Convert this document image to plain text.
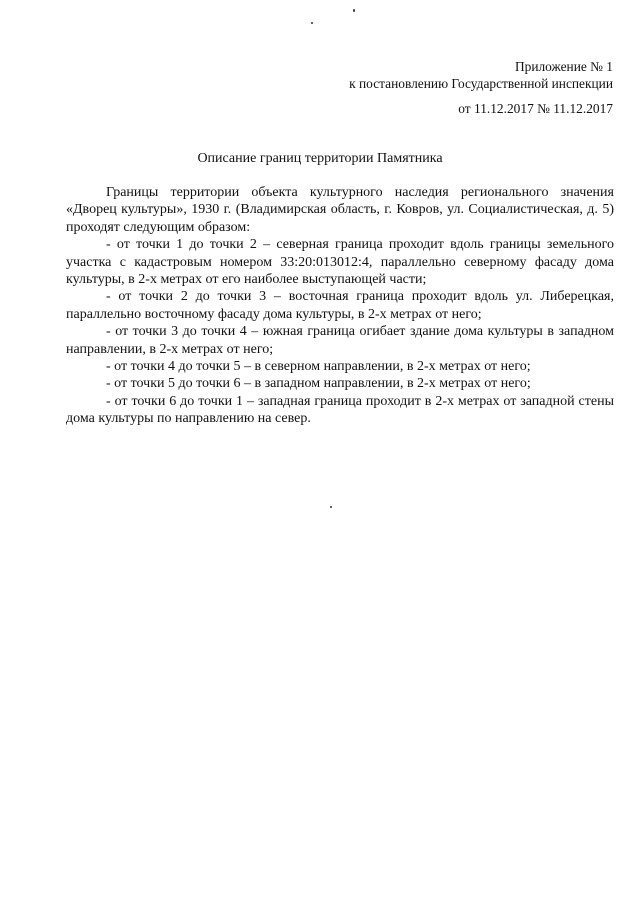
Приложение № 1
к постановлению Государственной инспекции
от 11.12.2017 № 11.12.2017
Описание границ территории Памятника

Границы территории объекта культурного наследия регионального значения «Дворец культуры», 1930 г. (Владимирская область, г. Ковров, ул. Социалистическая, д. 5) проходят следующим образом:

- от точки 1 до точки 2 – северная граница проходит вдоль границы земельного участка с кадастровым номером 33:20:013012:4, параллельно северному фасаду дома культуры, в 2-х метрах от его наиболее выступающей части;

- от точки 2 до точки 3 – восточная граница проходит вдоль ул. Либерецкая, параллельно восточному фасаду дома культуры, в 2-х метрах от него;

- от точки 3 до точки 4 – южная граница огибает здание дома культуры в западном направлении, в 2-х метрах от него;

- от точки 4 до точки 5 – в северном направлении, в 2-х метрах от него;

- от точки 5 до точки 6 – в западном направлении, в 2-х метрах от него;

- от точки 6 до точки 1 – западная граница проходит в 2-х метрах от западной стены дома культуры по направлению на север.
